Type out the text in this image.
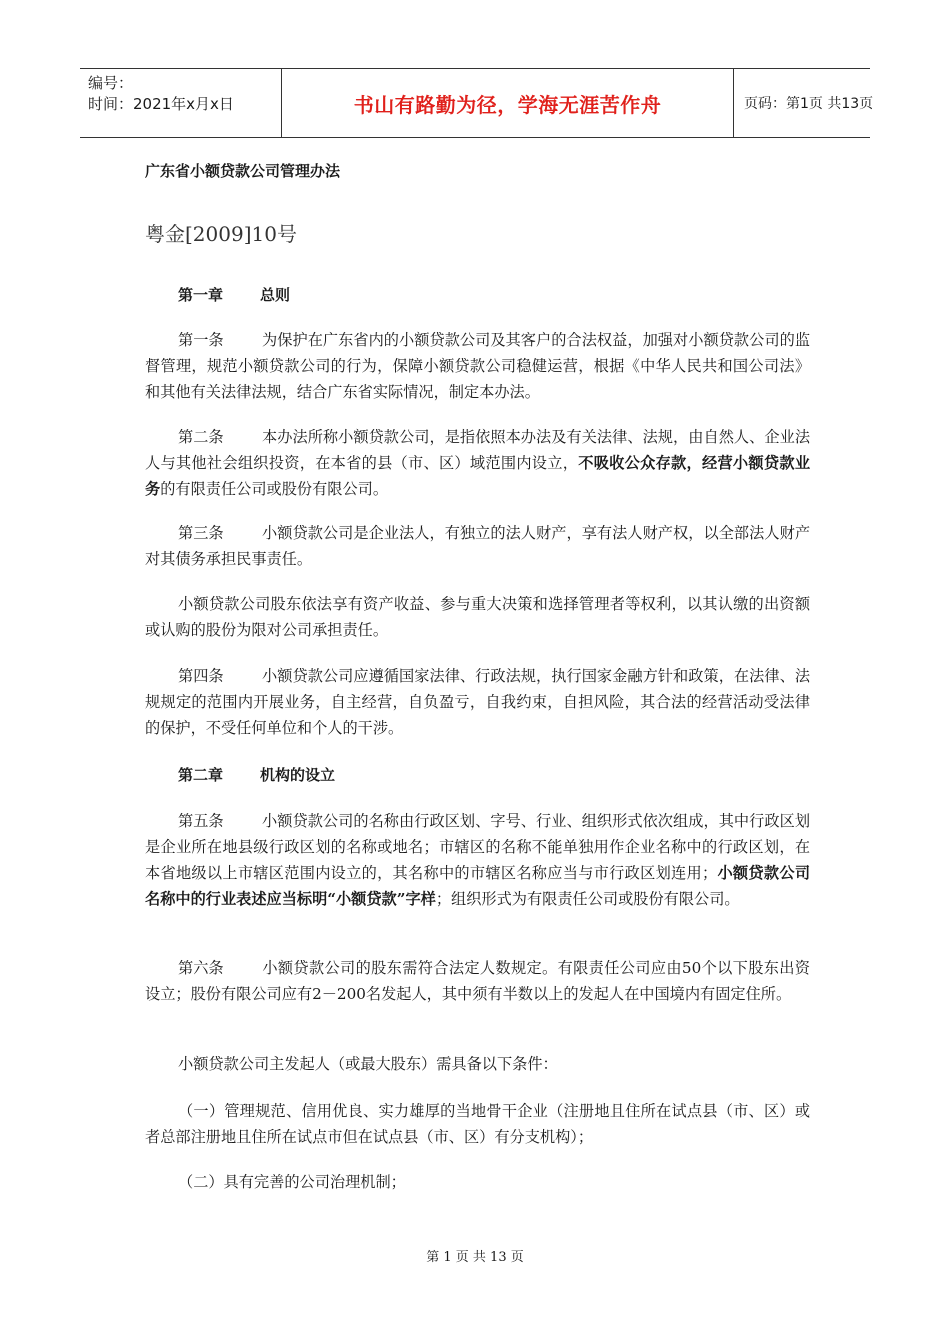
编号：
时间：2021年x月x日	书山有路勤为径，学海无涯苦作舟	页码：第1页 共13页
广东省小额贷款公司管理办法
粤金[2009]10号
第一章 总则
第一条	为保护在广东省内的小额贷款公司及其客户的合法权益，加强对小额贷款公司的监督管理，规范小额贷款公司的行为，保障小额贷款公司稳健运营，根据《中华人民共和国公司法》和其他有关法律法规，结合广东省实际情况，制定本办法。
第二条	本办法所称小额贷款公司，是指依照本办法及有关法律、法规，由自然人、企业法人与其他社会组织投资，在本省的县（市、区）域范围内设立，不吸收公众存款，经营小额贷款业务的有限责任公司或股份有限公司。
第三条	小额贷款公司是企业法人，有独立的法人财产，享有法人财产权，以全部法人财产对其债务承担民事责任。
小额贷款公司股东依法享有资产收益、参与重大决策和选择管理者等权利，以其认缴的出资额或认购的股份为限对公司承担责任。
第四条	小额贷款公司应遵循国家法律、行政法规，执行国家金融方针和政策，在法律、法规规定的范围内开展业务，自主经营，自负盈亏，自我约束，自担风险，其合法的经营活动受法律的保护，不受任何单位和个人的干涉。
第二章 机构的设立
第五条	小额贷款公司的名称由行政区划、字号、行业、组织形式依次组成，其中行政区划是企业所在地县级行政区划的名称或地名；市辖区的名称不能单独用作企业名称中的行政区划，在本省地级以上市辖区范围内设立的，其名称中的市辖区名称应当与市行政区划连用；小额贷款公司名称中的行业表述应当标明“小额贷款”字样；组织形式为有限责任公司或股份有限公司。
第六条	小额贷款公司的股东需符合法定人数规定。有限责任公司应由50个以下股东出资设立；股份有限公司应有2－200名发起人，其中须有半数以上的发起人在中国境内有固定住所。
小额贷款公司主发起人（或最大股东）需具备以下条件：
（一）管理规范、信用优良、实力雄厚的当地骨干企业（注册地且住所在试点县（市、区）或者总部注册地且住所在试点市但在试点县（市、区）有分支机构）；
（二）具有完善的公司治理机制；
第 1 页 共 13 页
